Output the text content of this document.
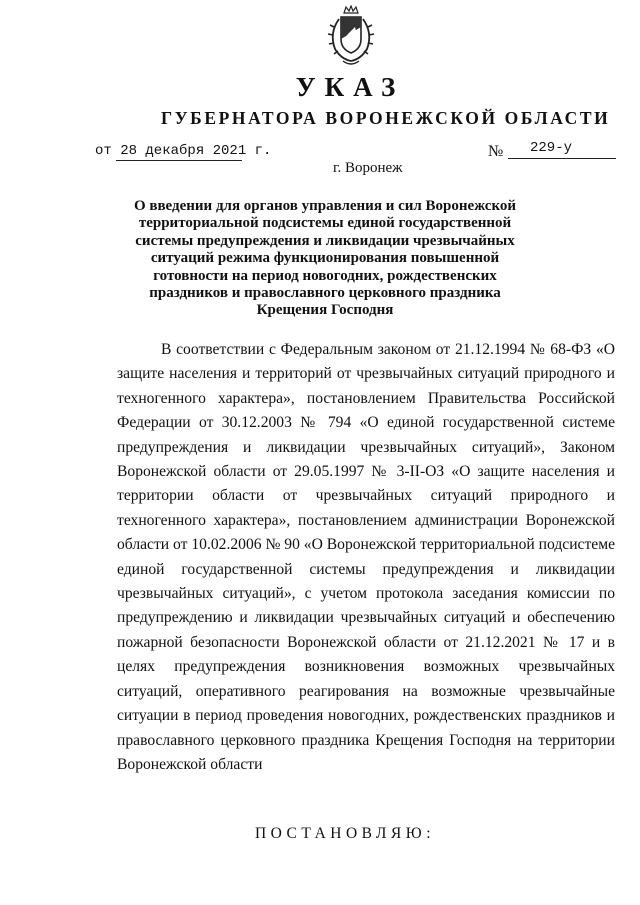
УКАЗ
ГУБЕРНАТОРА ВОРОНЕЖСКОЙ ОБЛАСТИ
от 28 декабря 2021 г.	№ 229-у
г. Воронеж
О введении для органов управления и сил Воронежской территориальной подсистемы единой государственной системы предупреждения и ликвидации чрезвычайных ситуаций режима функционирования повышенной готовности на период новогодних, рождественских праздников и православного церковного праздника Крещения Господня
В соответствии с Федеральным законом от 21.12.1994 № 68-ФЗ «О защите населения и территорий от чрезвычайных ситуаций природного и техногенного характера», постановлением Правительства Российской Федерации от 30.12.2003 № 794 «О единой государственной системе предупреждения и ликвидации чрезвычайных ситуаций», Законом Воронежской области от 29.05.1997 № 3-II-ОЗ «О защите населения и территории области от чрезвычайных ситуаций природного и техногенного характера», постановлением администрации Воронежской области от 10.02.2006 № 90 «О Воронежской территориальной подсистеме единой государственной системы предупреждения и ликвидации чрезвычайных ситуаций», с учетом протокола заседания комиссии по предупреждению и ликвидации чрезвычайных ситуаций и обеспечению пожарной безопасности Воронежской области от 21.12.2021 № 17 и в целях предупреждения возникновения возможных чрезвычайных ситуаций, оперативного реагирования на возможные чрезвычайные ситуации в период проведения новогодних, рождественских праздников и православного церковного праздника Крещения Господня на территории Воронежской области
ПОСТАНОВЛЯЮ:
